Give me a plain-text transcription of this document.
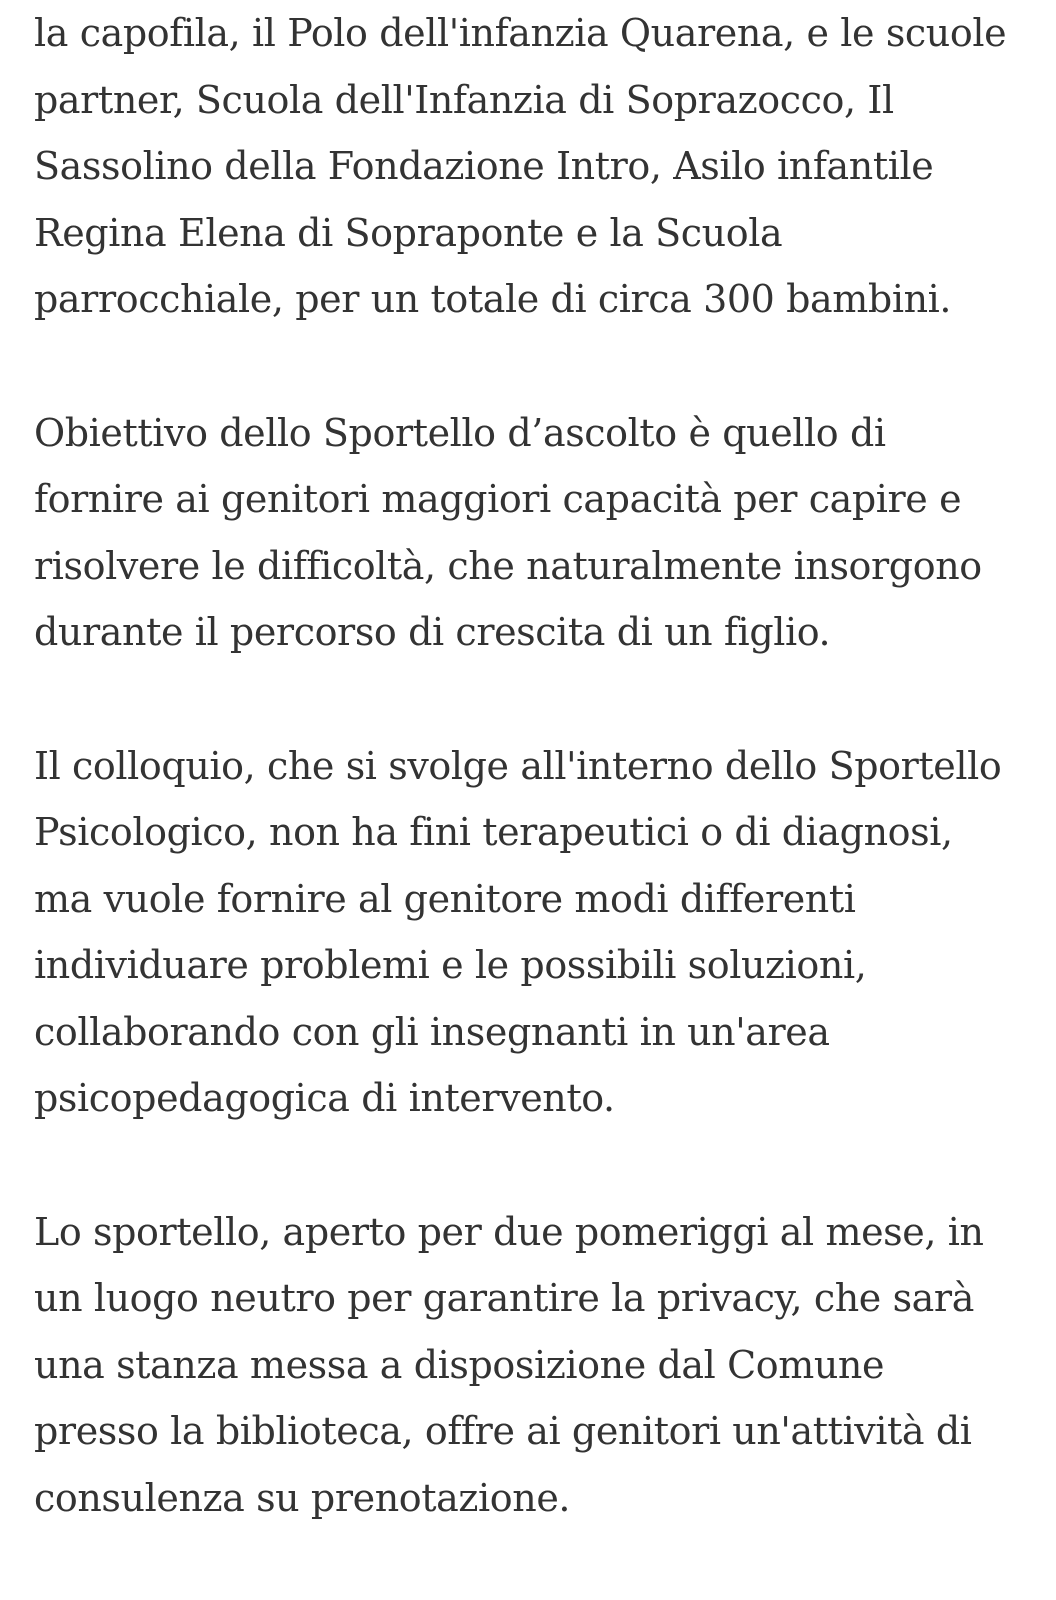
la capofila, il Polo dell'infanzia Quarena, e le scuole
partner, Scuola dell'Infanzia di Soprazocco, Il
Sassolino della Fondazione Intro, Asilo infantile
Regina Elena di Sopraponte e la Scuola
parrocchiale, per un totale di circa 300 bambini.

Obiettivo dello Sportello d’ascolto è quello di
fornire ai genitori maggiori capacità per capire e
risolvere le difficoltà, che naturalmente insorgono
durante il percorso di crescita di un figlio.

Il colloquio, che si svolge all'interno dello Sportello
Psicologico, non ha fini terapeutici o di diagnosi,
ma vuole fornire al genitore modi differenti
individuare problemi e le possibili soluzioni,
collaborando con gli insegnanti in un'area
psicopedagogica di intervento.

Lo sportello, aperto per due pomeriggi al mese, in
un luogo neutro per garantire la privacy, che sarà
una stanza messa a disposizione dal Comune
presso la biblioteca, offre ai genitori un'attività di
consulenza su prenotazione.
